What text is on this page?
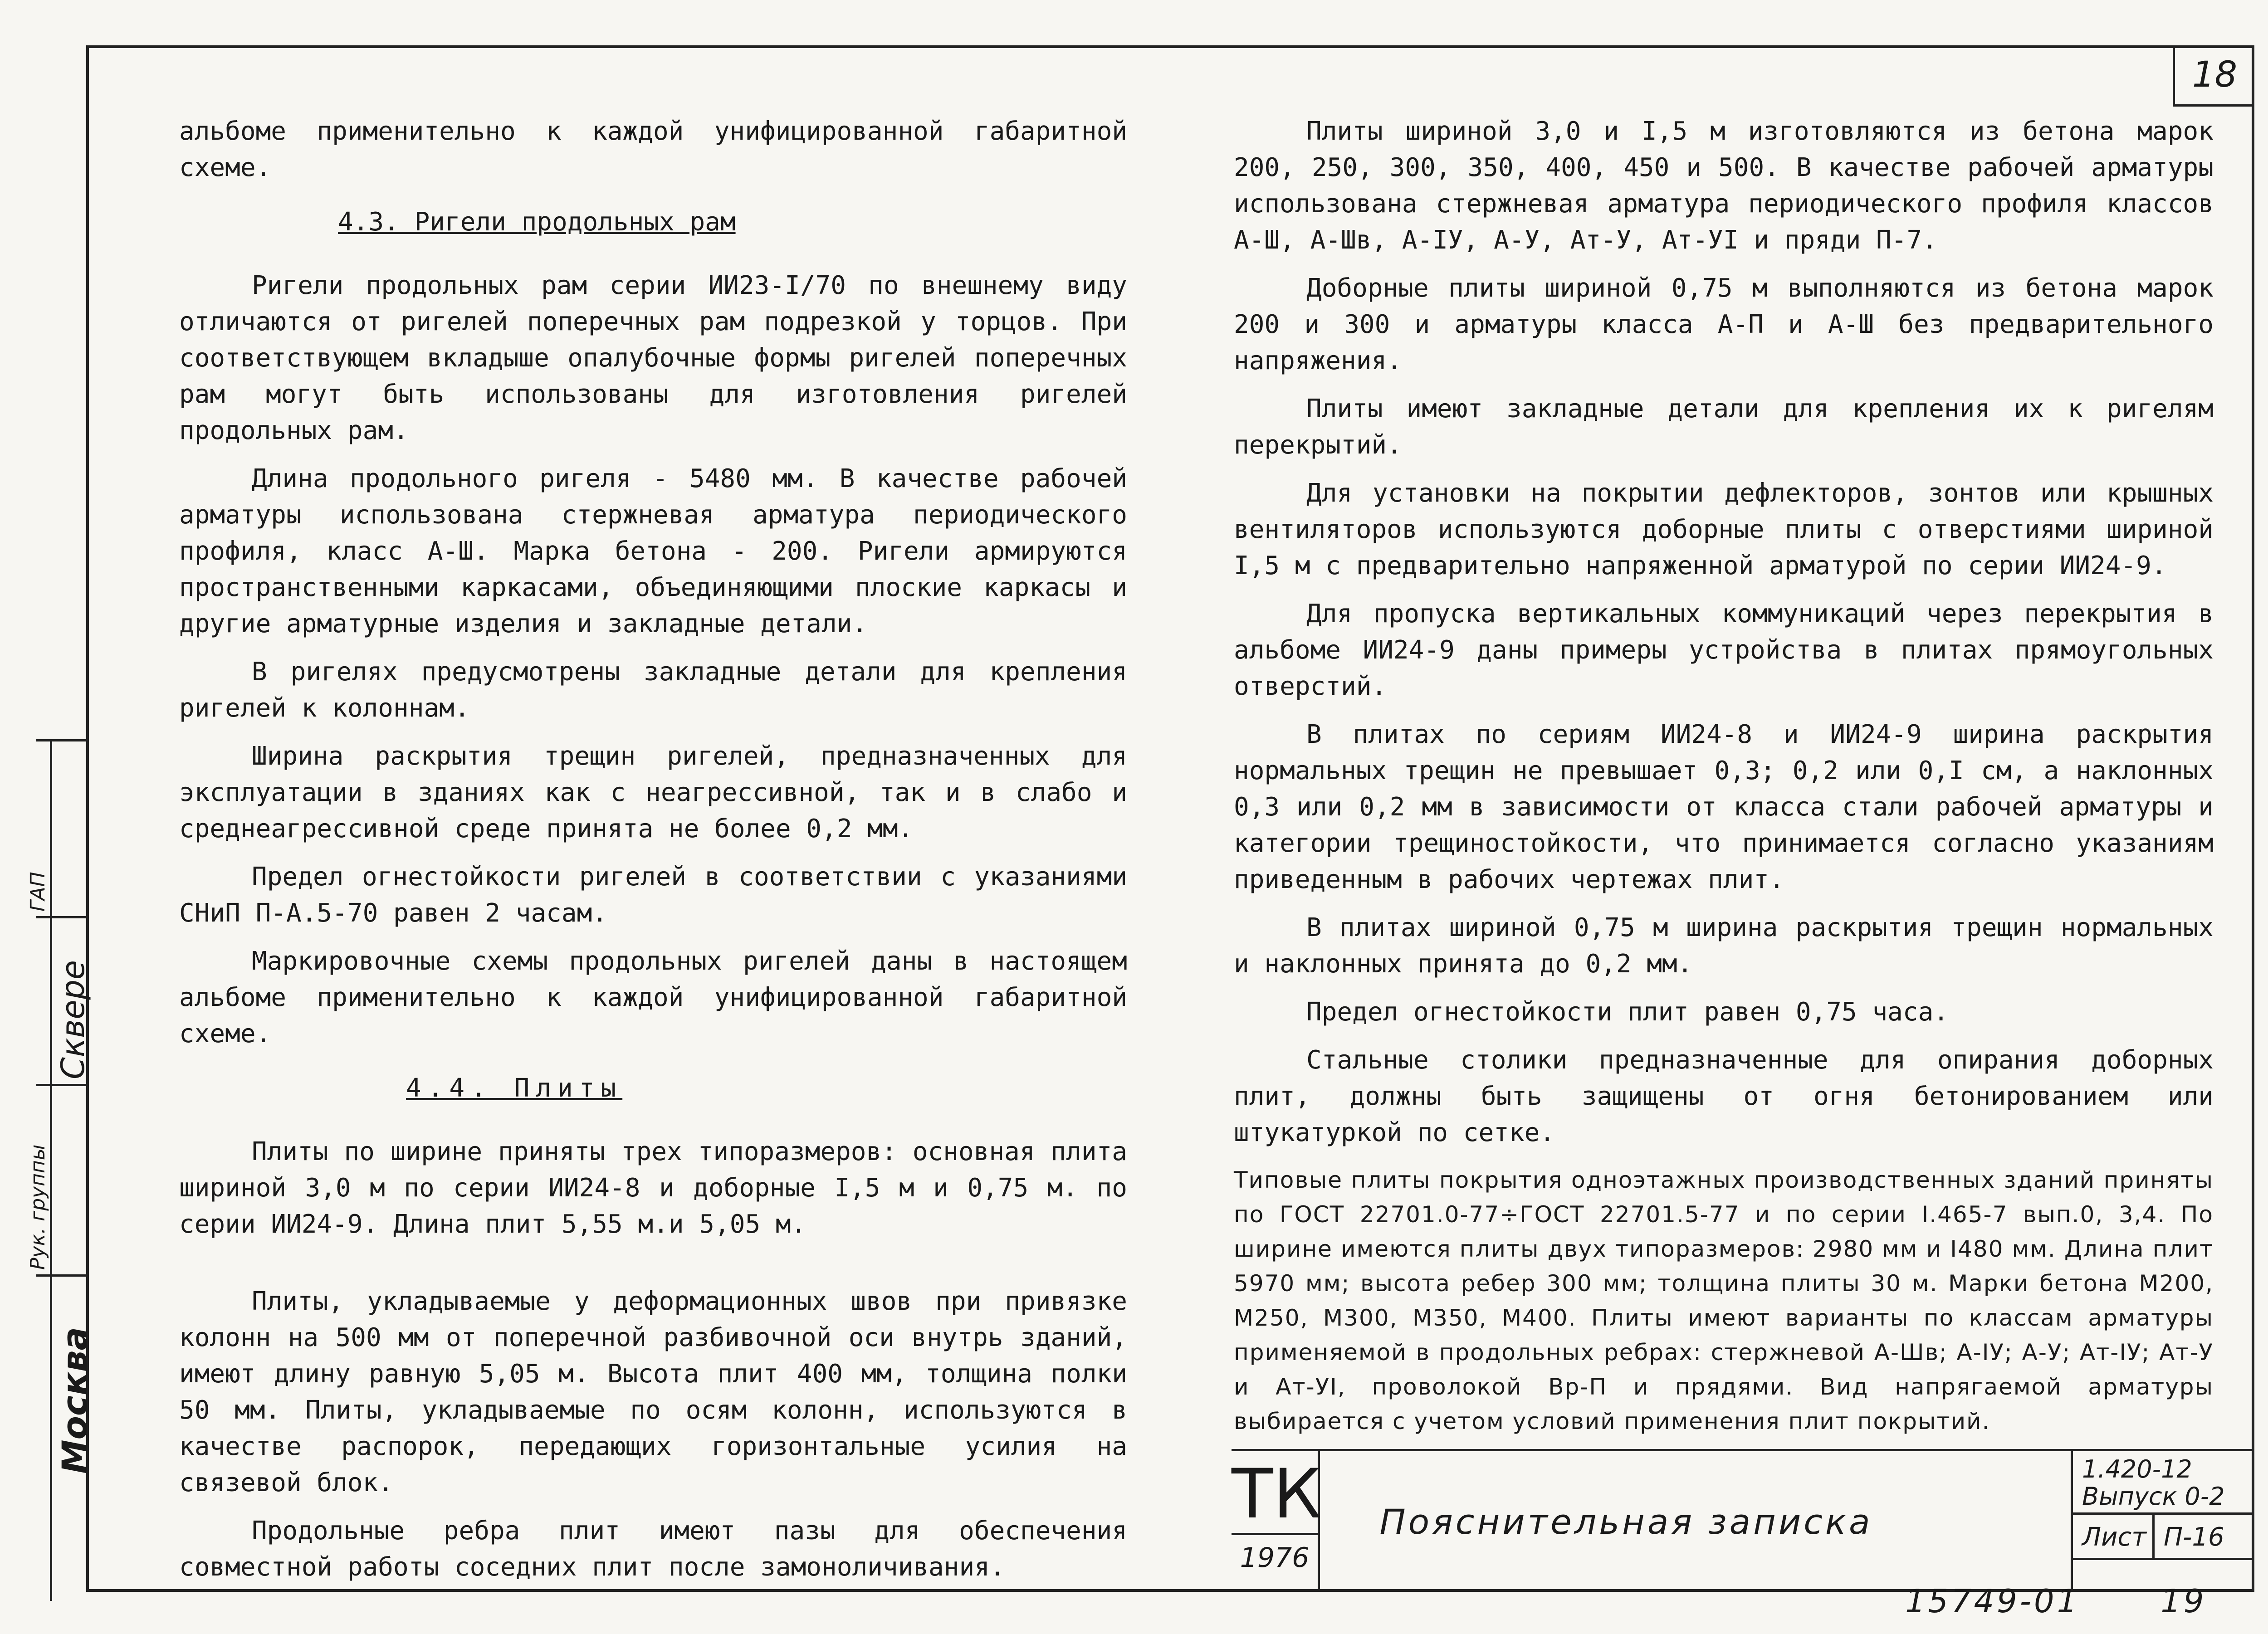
18
ГАП
Сквере
Рук. группы
Москва

альбоме применительно к каждой унифицированной габаритной схеме.

4.3. Ригели продольных рам

Ригели продольных рам серии ИИ23-I/70 по внешнему виду отличаются от ригелей поперечных рам подрезкой у торцов. При соответствующем вкладыше опалубочные формы ригелей поперечных рам могут быть использованы для изготовления ригелей продольных рам.

Длина продольного ригеля - 5480 мм. В качестве рабочей арматуры использована стержневая арматура периодического профиля, класс А-Ш. Марка бетона - 200. Ригели армируются пространственными каркасами, объединяющими плоские каркасы и другие арматурные изделия и закладные детали.

В ригелях предусмотрены закладные детали для крепления ригелей к колоннам.

Ширина раскрытия трещин ригелей, предназначенных для эксплуатации в зданиях как с неагрессивной, так и в слабо и среднеагрессивной среде принята не более 0,2 мм.

Предел огнестойкости ригелей в соответствии с указаниями СНиП П-А.5-70 равен 2 часам.

Маркировочные схемы продольных ригелей даны в настоящем альбоме применительно к каждой унифицированной габаритной схеме.

4.4. Плиты

Плиты по ширине приняты трех типоразмеров: основная плита шириной 3,0 м по серии ИИ24-8 и доборные I,5 м и 0,75 м. по серии ИИ24-9. Длина плит 5,55 м.и 5,05 м.

Плиты, укладываемые у деформационных швов при привязке колонн на 500 мм от поперечной разбивочной оси внутрь зданий, имеют длину равную 5,05 м. Высота плит 400 мм, толщина полки 50 мм. Плиты, укладываемые по осям колонн, используются в качестве распорок, передающих горизонтальные усилия на связевой блок.

Продольные ребра плит имеют пазы для обеспечения совместной работы соседних плит после замоноличивания.

Плиты шириной 3,0 и I,5 м изготовляются из бетона марок 200, 250, 300, 350, 400, 450 и 500. В качестве рабочей арматуры использована стержневая арматура периодического профиля классов А-Ш, А-Шв, А-IУ, А-У, Ат-У, Ат-УI и пряди П-7.

Доборные плиты шириной 0,75 м выполняются из бетона марок 200 и 300 и арматуры класса А-П и А-Ш без предварительного напряжения.

Плиты имеют закладные детали для крепления их к ригелям перекрытий.

Для установки на покрытии дефлекторов, зонтов или крышных вентиляторов используются доборные плиты с отверстиями шириной I,5 м с предварительно напряженной арматурой по серии ИИ24-9.

Для пропуска вертикальных коммуникаций через перекрытия в альбоме ИИ24-9 даны примеры устройства в плитах прямоугольных отверстий.

В плитах по сериям ИИ24-8 и ИИ24-9 ширина раскрытия нормальных трещин не превышает 0,3; 0,2 или 0,I см, а наклонных 0,3 или 0,2 мм в зависимости от класса стали рабочей арматуры и категории трещиностойкости, что принимается согласно указаниям приведенным в рабочих чертежах плит.

В плитах шириной 0,75 м ширина раскрытия трещин нормальных и наклонных принята до 0,2 мм.

Предел огнестойкости плит равен 0,75 часа.

Стальные столики предназначенные для опирания доборных плит, должны быть защищены от огня бетонированием или штукатуркой по сетке.

Типовые плиты покрытия одноэтажных производственных зданий приняты по ГОСТ 22701.0-77÷ГОСТ 22701.5-77 и по серии I.465-7 вып.0, 3,4. По ширине имеются плиты двух типоразмеров: 2980 мм и I480 мм. Длина плит 5970 мм; высота ребер 300 мм; толщина плиты 30 м. Марки бетона М200, М250, М300, М350, М400. Плиты имеют варианты по классам арматуры применяемой в продольных ребрах: стержневой А-Шв; А-IУ; А-У; Ат-IУ; Ат-У и Ат-УI, проволокой Вр-П и прядями. Вид напрягаемой арматуры выбирается с учетом условий применения плит покрытий.

ТК
1976
Пояснительная записка
1.420-12
Выпуск 0-2
Лист П-16
15749-01	19
